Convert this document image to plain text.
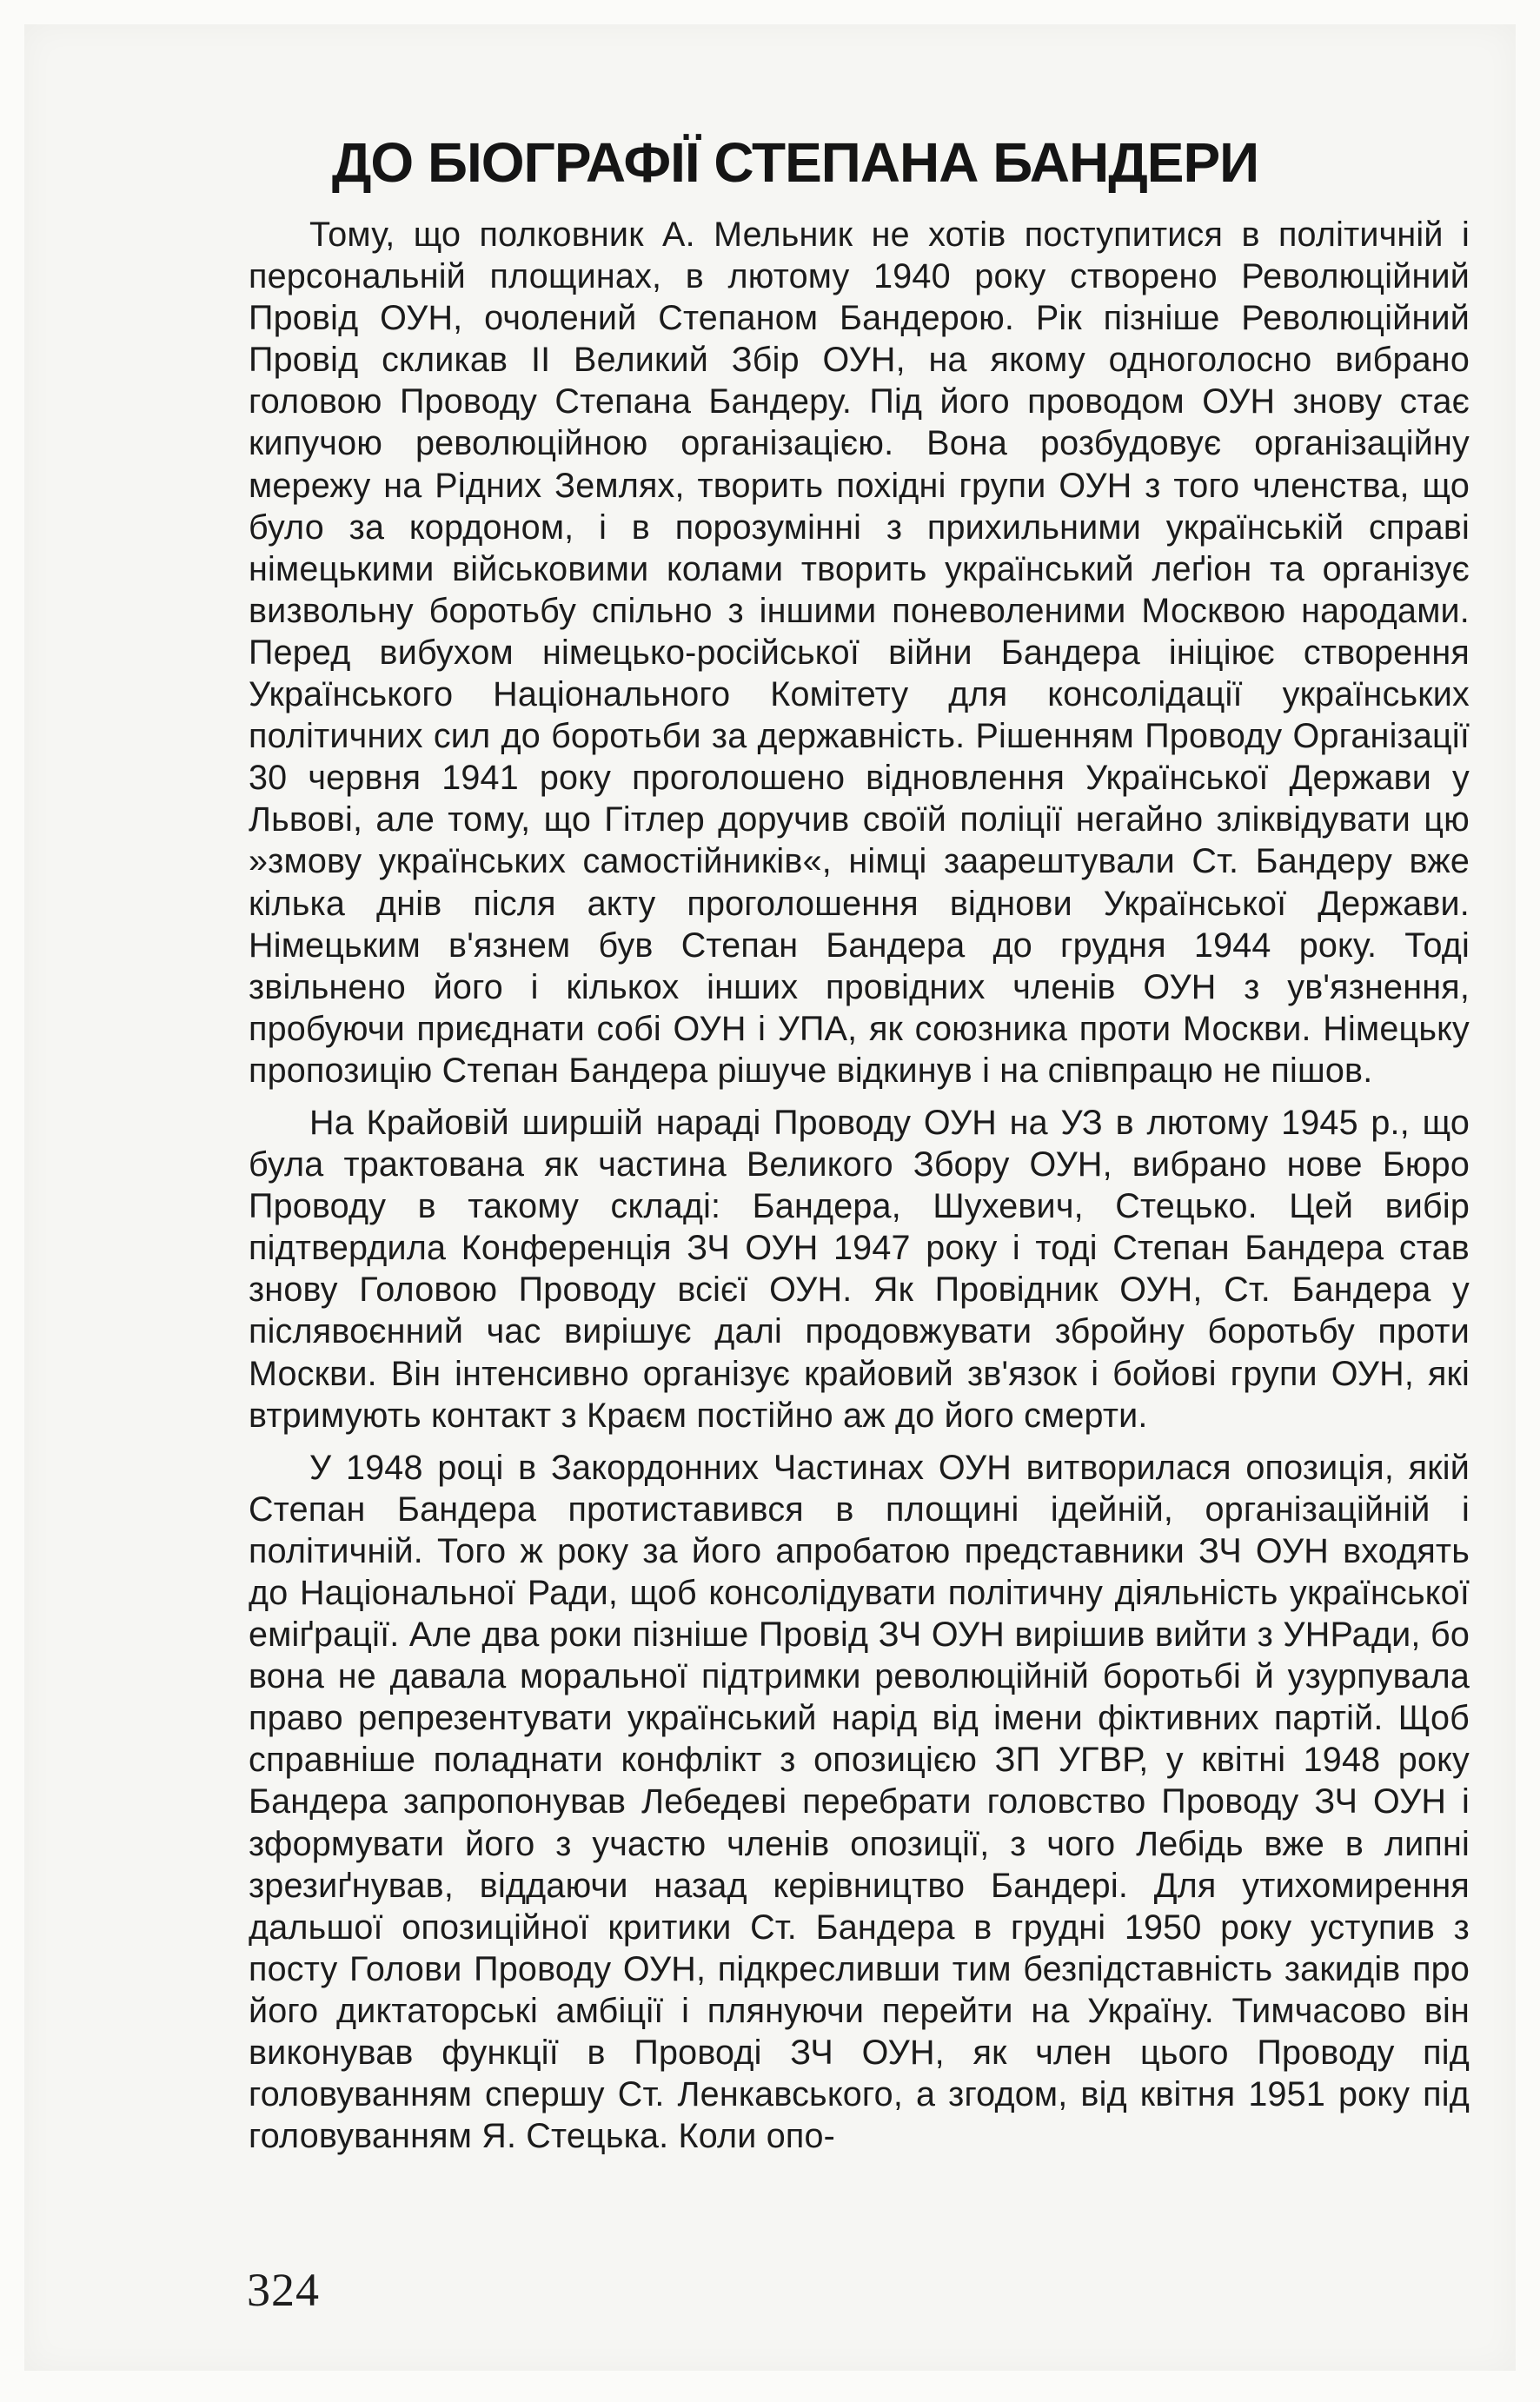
ДО БІОГРАФІЇ СТЕПАНА БАНДЕРИ

Тому, що полковник А. Мельник не хотів поступитися в політичній і персональній площинах, в лютому 1940 року створено Революційний Провід ОУН, очолений Степаном Бандерою. Рік пізніше Революційний Провід скликав II Великий Збір ОУН, на якому одноголосно вибрано головою Проводу Степана Бандеру. Під його проводом ОУН знову стає кипучою революційною організацією. Вона розбудовує організаційну мережу на Рідних Землях, творить похідні групи ОУН з того членства, що було за кордоном, і в порозумінні з прихильними українській справі німецькими військовими колами творить український леґіон та організує визвольну боротьбу спільно з іншими поневоленими Москвою народами. Перед вибухом німецько-російської війни Бандера ініціює створення Українського Національного Комітету для консолідації українських політичних сил до боротьби за державність. Рішенням Проводу Організації 30 червня 1941 року проголошено відновлення Української Держави у Львові, але тому, що Гітлер доручив своїй поліції негайно зліквідувати цю »змову українських самостійників«, німці заарештували Ст. Бандеру вже кілька днів після акту проголошення віднови Української Держави. Німецьким в'язнем був Степан Бандера до грудня 1944 року. Тоді звільнено його і кількох інших провідних членів ОУН з ув'язнення, пробуючи приєднати собі ОУН і УПА, як союзника проти Москви. Німецьку пропозицію Степан Бандера рішуче відкинув і на співпрацю не пішов.

На Крайовій ширшій нараді Проводу ОУН на УЗ в лютому 1945 р., що була трактована як частина Великого Збору ОУН, вибрано нове Бюро Проводу в такому складі: Бандера, Шухевич, Стецько. Цей вибір підтвердила Конференція ЗЧ ОУН 1947 року і тоді Степан Бандера став знову Головою Проводу всієї ОУН. Як Провідник ОУН, Ст. Бандера у післявоєнний час вирішує далі продовжувати збройну боротьбу проти Москви. Він інтенсивно організує крайовий зв'язок і бойові групи ОУН, які втримують контакт з Краєм постійно аж до його смерти.

У 1948 році в Закордонних Частинах ОУН витворилася опозиція, якій Степан Бандера протиставився в площині ідейній, організаційній і політичній. Того ж року за його апробатою представники ЗЧ ОУН входять до Національної Ради, щоб консолідувати політичну діяльність української еміґрації. Але два роки пізніше Провід ЗЧ ОУН вирішив вийти з УНРади, бо вона не давала моральної підтримки революційній боротьбі й узурпувала право репрезентувати український нарід від імени фіктивних партій. Щоб справніше поладнати конфлікт з опозицією ЗП УГВР, у квітні 1948 року Бандера запропонував Лебедеві перебрати головство Проводу ЗЧ ОУН і зформувати його з участю членів опозиції, з чого Лебідь вже в липні зрезиґнував, віддаючи назад керівництво Бандері. Для утихомирення дальшої опозиційної критики Ст. Бандера в грудні 1950 року уступив з посту Голови Проводу ОУН, підкресливши тим безпідставність закидів про його диктаторські амбіції і плянуючи перейти на Україну. Тимчасово він виконував функції в Проводі ЗЧ ОУН, як член цього Проводу під головуванням спершу Ст. Ленкавського, а згодом, від квітня 1951 року під головуванням Я. Стецька. Коли опо-

324
